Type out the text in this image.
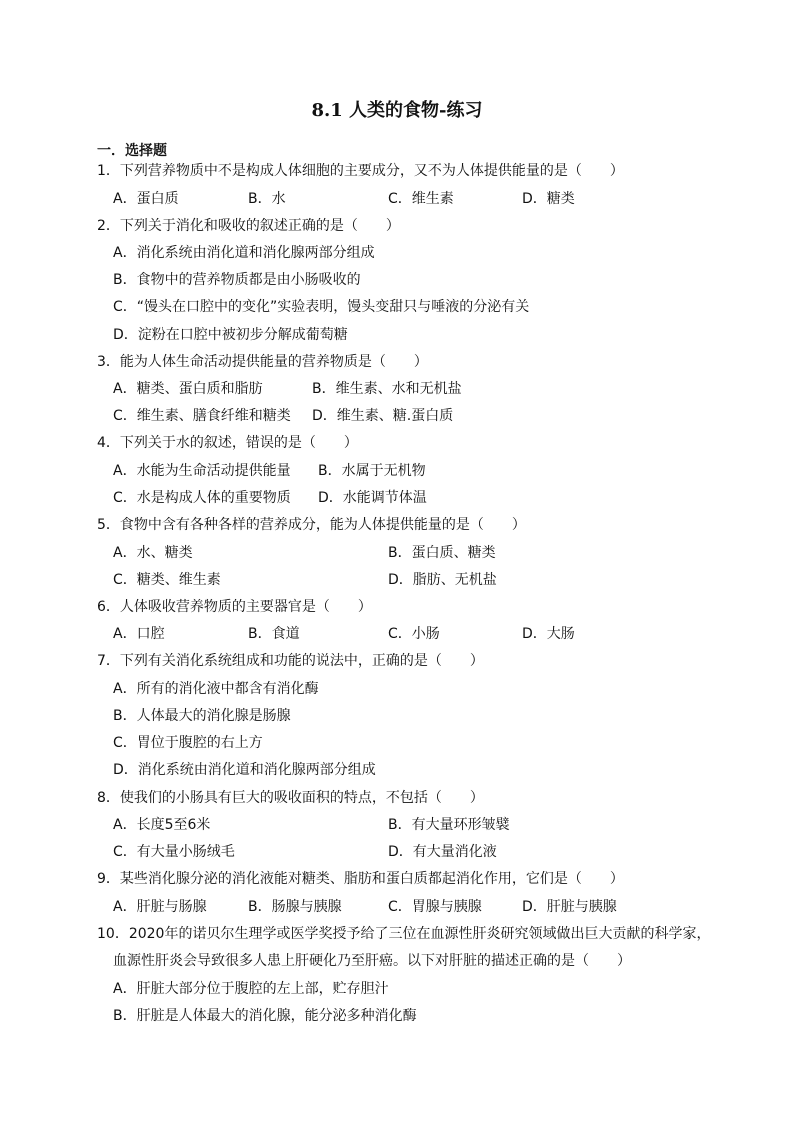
8.1 人类的食物-练习
一．选择题
1．下列营养物质中不是构成人体细胞的主要成分，又不为人体提供能量的是（　　）
A．蛋白质	B．水	C．维生素	D．糖类
2．下列关于消化和吸收的叙述正确的是（　　）
A．消化系统由消化道和消化腺两部分组成
B．食物中的营养物质都是由小肠吸收的
C．“馒头在口腔中的变化”实验表明，馒头变甜只与唾液的分泌有关
D．淀粉在口腔中被初步分解成葡萄糖
3．能为人体生命活动提供能量的营养物质是（　　）
A．糖类、蛋白质和脂肪	B．维生素、水和无机盐
C．维生素、膳食纤维和糖类 D．维生素、糖.蛋白质
4．下列关于水的叙述，错误的是（　　）
A．水能为生命活动提供能量 B．水属于无机物
C．水是构成人体的重要物质 D．水能调节体温
5．食物中含有各种各样的营养成分，能为人体提供能量的是（　　）
A．水、糖类	B．蛋白质、糖类
C．糖类、维生素	D．脂肪、无机盐
6．人体吸收营养物质的主要器官是（　　）
A．口腔	B．食道	C．小肠	D．大肠
7．下列有关消化系统组成和功能的说法中，正确的是（　　）
A．所有的消化液中都含有消化酶
B．人体最大的消化腺是肠腺
C．胃位于腹腔的右上方
D．消化系统由消化道和消化腺两部分组成
8．使我们的小肠具有巨大的吸收面积的特点，不包括（　　）
A．长度5至6米	B．有大量环形皱襞
C．有大量小肠绒毛	D．有大量消化液
9．某些消化腺分泌的消化液能对糖类、脂肪和蛋白质都起消化作用，它们是（　　）
A．肝脏与肠腺	B．肠腺与胰腺	C．胃腺与胰腺	D．肝脏与胰腺
10．2020年的诺贝尔生理学或医学奖授予给了三位在血源性肝炎研究领域做出巨大贡献的科学家，
血源性肝炎会导致很多人患上肝硬化乃至肝癌。以下对肝脏的描述正确的是（　　）
A．肝脏大部分位于腹腔的左上部，贮存胆汁
B．肝脏是人体最大的消化腺，能分泌多种消化酶
